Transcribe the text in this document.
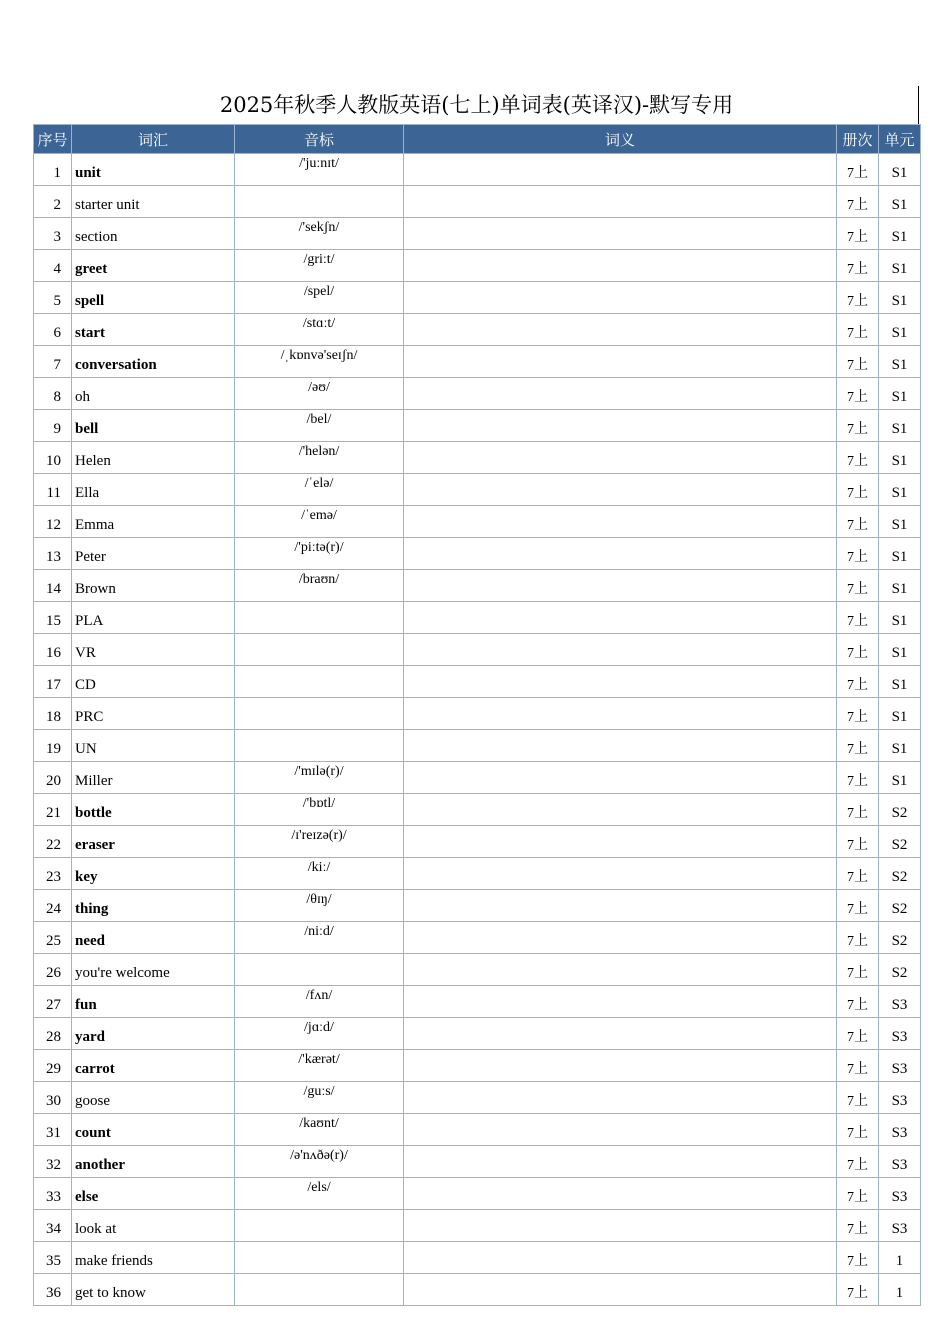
2025年秋季人教版英语(七上)单词表(英译汉)-默写专用
序号	词汇	音标	词义	册次	单元
1	unit	/'juːnɪt/		7上	S1
2	starter unit			7上	S1
3	section	/'sekʃn/		7上	S1
4	greet	/griːt/		7上	S1
5	spell	/spel/		7上	S1
6	start	/stɑːt/		7上	S1
7	conversation	/ˌkɒnvə'seɪʃn/		7上	S1
8	oh	/əʊ/		7上	S1
9	bell	/bel/		7上	S1
10	Helen	/'helən/		7上	S1
11	Ella	/ˈelə/		7上	S1
12	Emma	/ˈemə/		7上	S1
13	Peter	/'piːtə(r)/		7上	S1
14	Brown	/braʊn/		7上	S1
15	PLA			7上	S1
16	VR			7上	S1
17	CD			7上	S1
18	PRC			7上	S1
19	UN			7上	S1
20	Miller	/'mɪlə(r)/		7上	S1
21	bottle	/'bɒtl/		7上	S2
22	eraser	/ɪ'reɪzə(r)/		7上	S2
23	key	/kiː/		7上	S2
24	thing	/θɪŋ/		7上	S2
25	need	/niːd/		7上	S2
26	you're welcome			7上	S2
27	fun	/fʌn/		7上	S3
28	yard	/jɑːd/		7上	S3
29	carrot	/'kærət/		7上	S3
30	goose	/guːs/		7上	S3
31	count	/kaʊnt/		7上	S3
32	another	/ə'nʌðə(r)/		7上	S3
33	else	/els/		7上	S3
34	look at			7上	S3
35	make friends			7上	1
36	get to know			7上	1
